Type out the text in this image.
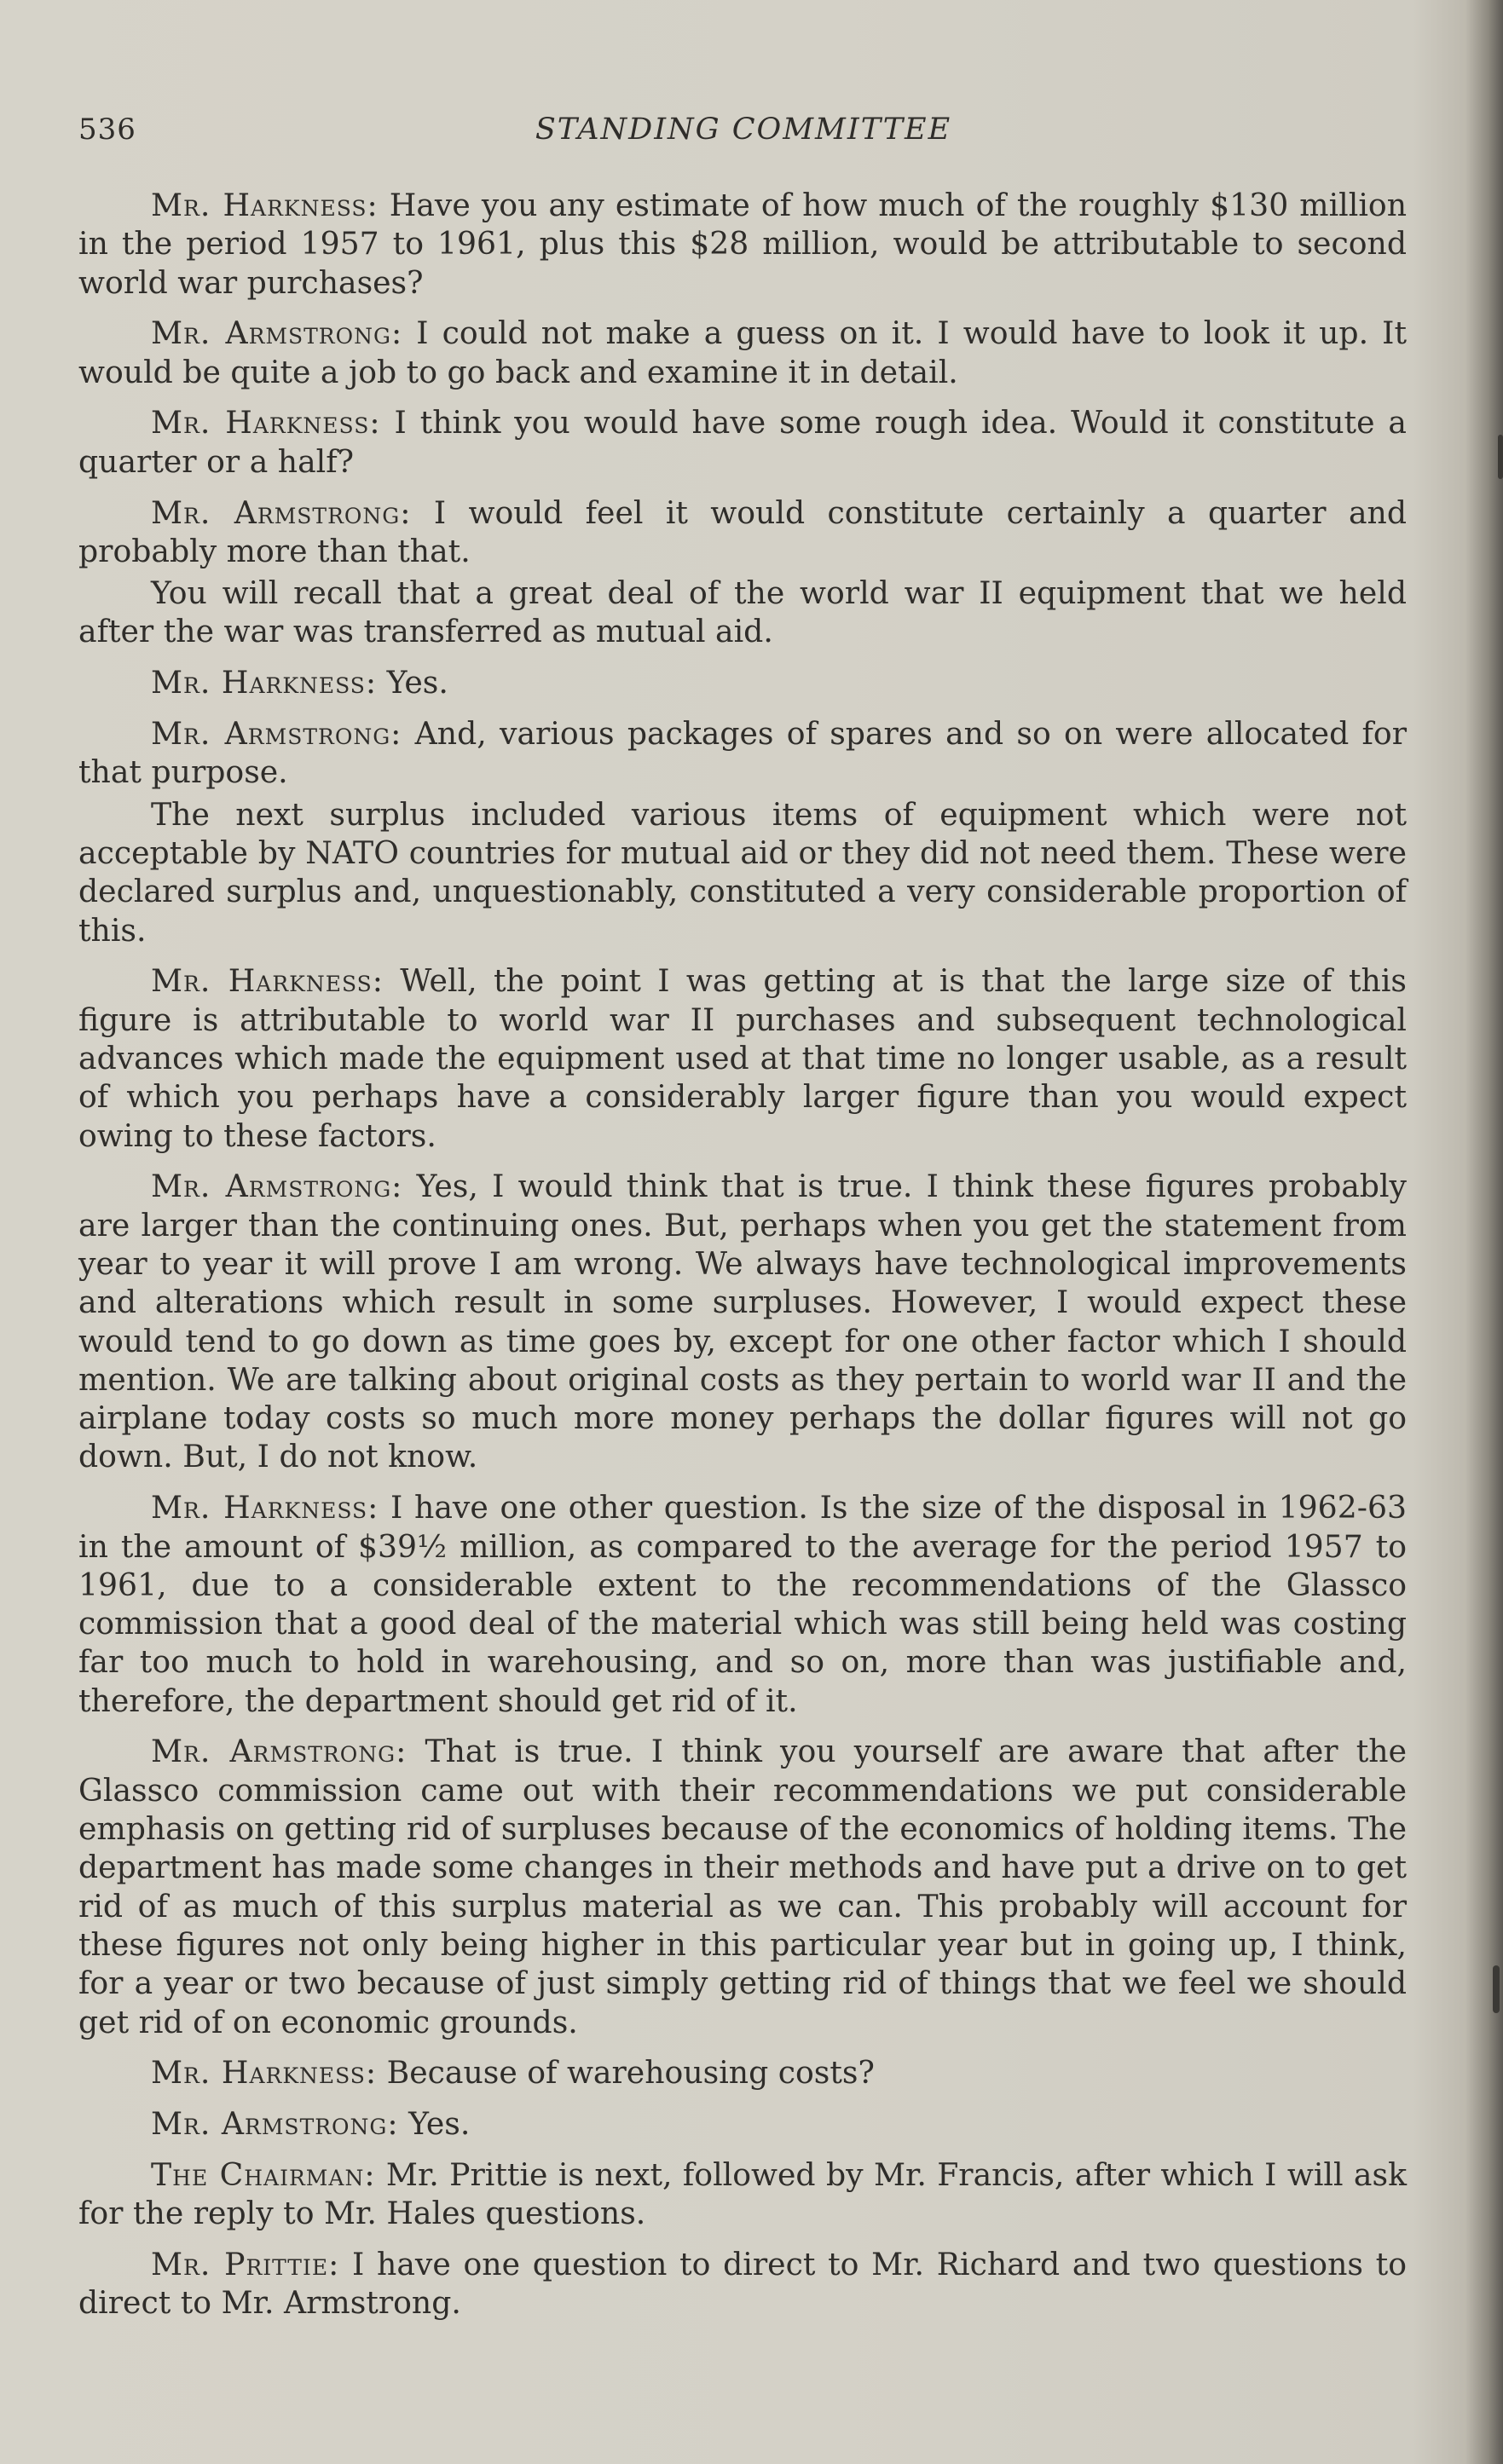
536	STANDING COMMITTEE

Mr. Harkness: Have you any estimate of how much of the roughly $130 million in the period 1957 to 1961, plus this $28 million, would be attributable to second world war purchases?

Mr. Armstrong: I could not make a guess on it. I would have to look it up. It would be quite a job to go back and examine it in detail.

Mr. Harkness: I think you would have some rough idea. Would it constitute a quarter or a half?

Mr. Armstrong: I would feel it would constitute certainly a quarter and probably more than that.

You will recall that a great deal of the world war II equipment that we held after the war was transferred as mutual aid.

Mr. Harkness: Yes.

Mr. Armstrong: And, various packages of spares and so on were allocated for that purpose.

The next surplus included various items of equipment which were not acceptable by NATO countries for mutual aid or they did not need them. These were declared surplus and, unquestionably, constituted a very considerable proportion of this.

Mr. Harkness: Well, the point I was getting at is that the large size of this figure is attributable to world war II purchases and subsequent technological advances which made the equipment used at that time no longer usable, as a result of which you perhaps have a considerably larger figure than you would expect owing to these factors.

Mr. Armstrong: Yes, I would think that is true. I think these figures probably are larger than the continuing ones. But, perhaps when you get the statement from year to year it will prove I am wrong. We always have technological improvements and alterations which result in some surpluses. However, I would expect these would tend to go down as time goes by, except for one other factor which I should mention. We are talking about original costs as they pertain to world war II and the airplane today costs so much more money perhaps the dollar figures will not go down. But, I do not know.

Mr. Harkness: I have one other question. Is the size of the disposal in 1962-63 in the amount of $39½ million, as compared to the average for the period 1957 to 1961, due to a considerable extent to the recommendations of the Glassco commission that a good deal of the material which was still being held was costing far too much to hold in warehousing, and so on, more than was justifiable and, therefore, the department should get rid of it.

Mr. Armstrong: That is true. I think you yourself are aware that after the Glassco commission came out with their recommendations we put considerable emphasis on getting rid of surpluses because of the economics of holding items. The department has made some changes in their methods and have put a drive on to get rid of as much of this surplus material as we can. This probably will account for these figures not only being higher in this particular year but in going up, I think, for a year or two because of just simply getting rid of things that we feel we should get rid of on economic grounds.

Mr. Harkness: Because of warehousing costs?

Mr. Armstrong: Yes.

The Chairman: Mr. Prittie is next, followed by Mr. Francis, after which I will ask for the reply to Mr. Hales questions.

Mr. Prittie: I have one question to direct to Mr. Richard and two questions to direct to Mr. Armstrong.
